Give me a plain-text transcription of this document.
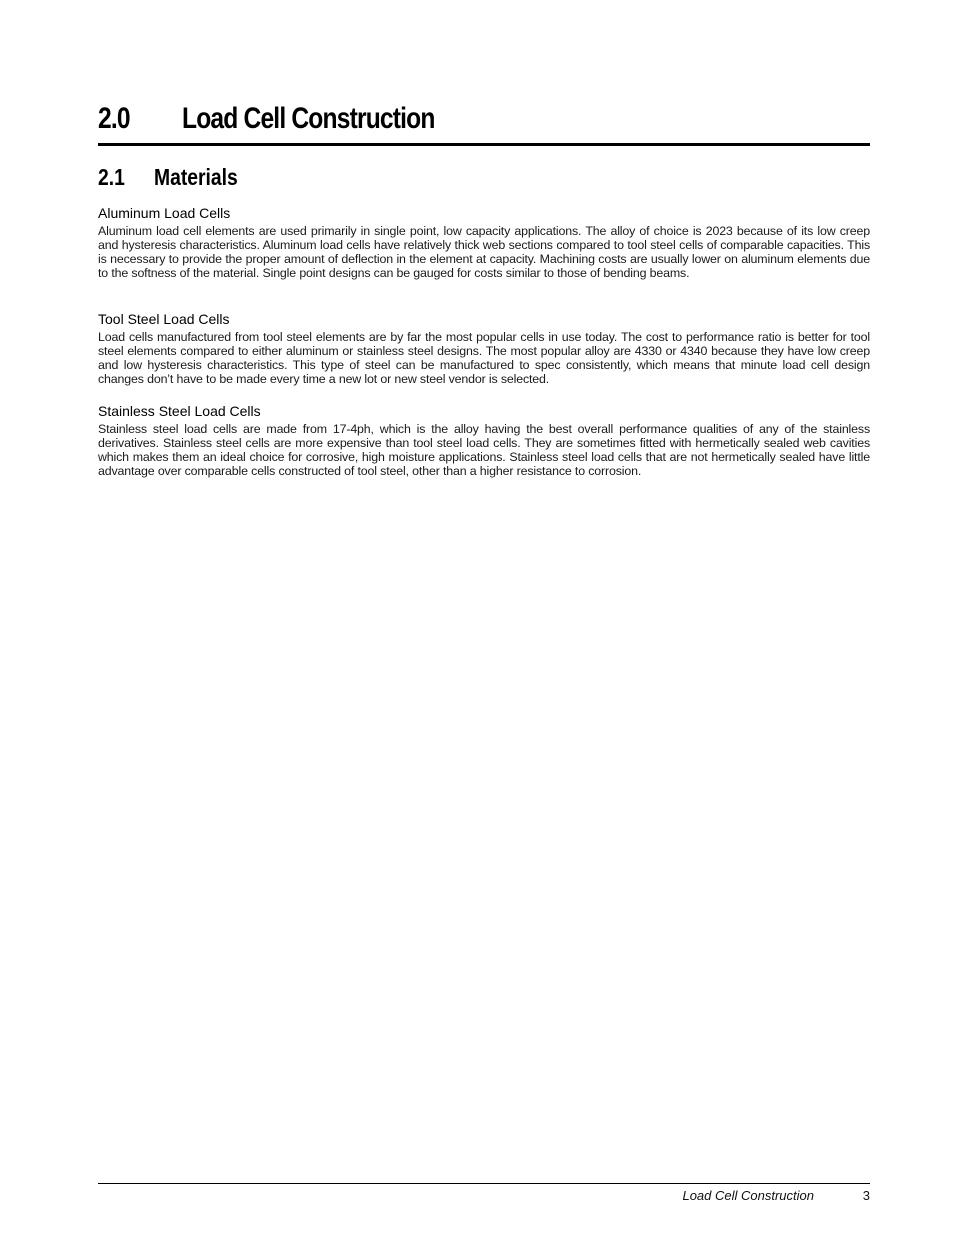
2.0 Load Cell Construction
2.1 Materials
Aluminum Load Cells

Aluminum load cell elements are used primarily in single point, low capacity applications. The alloy of choice is 2023 because of its low creep and hysteresis characteristics. Aluminum load cells have relatively thick web sections compared to tool steel cells of comparable capacities. This is necessary to provide the proper amount of deflection in the element at capacity. Machining costs are usually lower on aluminum elements due to the softness of the material. Single point designs can be gauged for costs similar to those of bending beams.

Tool Steel Load Cells

Load cells manufactured from tool steel elements are by far the most popular cells in use today. The cost to performance ratio is better for tool steel elements compared to either aluminum or stainless steel designs. The most popular alloy are 4330 or 4340 because they have low creep and low hysteresis characteristics. This type of steel can be manufactured to spec consistently, which means that minute load cell design changes don’t have to be made every time a new lot or new steel vendor is selected.

Stainless Steel Load Cells

Stainless steel load cells are made from 17-4ph, which is the alloy having the best overall performance qualities of any of the stainless derivatives. Stainless steel cells are more expensive than tool steel load cells. They are sometimes fitted with hermetically sealed web cavities which makes them an ideal choice for corrosive, high moisture applications. Stainless steel load cells that are not hermetically sealed have little advantage over comparable cells constructed of tool steel, other than a higher resistance to corrosion.

Load Cell Construction	3
